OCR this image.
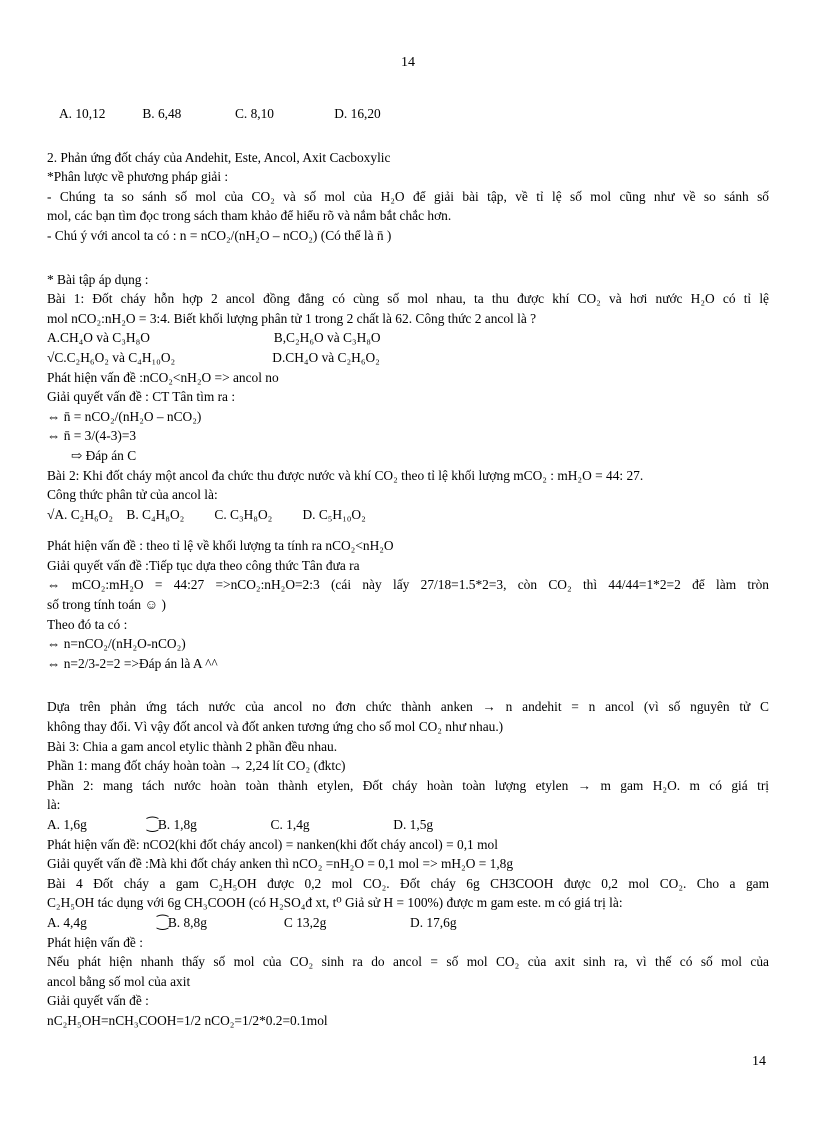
14
A. 10,12           B. 6,48                C. 8,10                  D. 16,20
2. Phản ứng đốt cháy của Andehit, Este, Ancol, Axit Cacboxylic
*Phân lược về phương pháp giải :
- Chúng ta so sánh số mol của CO₂ và số mol của H₂O để giải bài tập, về tỉ lệ số mol cũng như về so sánh số
mol, các bạn tìm đọc trong sách tham khảo để hiểu rõ và nắm bắt chắc hơn.
- Chú ý với ancol ta có : n = nCO₂/(nH₂O – nCO₂) (Có thể là n̄ )
* Bài tập áp dụng :
Bài 1: Đốt cháy hỗn hợp 2 ancol đồng đẳng có cùng số mol nhau, ta thu được khí CO₂ và hơi nước H₂O có tỉ lệ
mol nCO₂:nH₂O = 3:4. Biết khối lượng phân tử 1 trong 2 chất là 62. Công thức 2 ancol là ?
A.CH₄O và C₃H₈O                                     B,C₂H₆O và C₃H₈O
√C.C₂H₆O₂ và C₄H₁₀O₂                             D.CH₄O và C₂H₆O₂
Phát hiện vấn đề :nCO₂<nH₂O => ancol no
Giải quyết vấn đề : CT Tân tìm ra :
⇔ n̄ = nCO₂/(nH₂O – nCO₂)
⇔ n̄ = 3/(4-3)=3
⇨ Đáp án C
Bài 2: Khi đốt cháy một ancol đa chức thu được nước và khí CO₂ theo tỉ lệ khối lượng mCO₂ : mH₂O = 44: 27.
Công thức phân tử của ancol là:
√A. C₂H₆O₂    B. C₄H₈O₂         C. C₃H₈O₂         D. C₅H₁₀O₂
Phát hiện vấn đề : theo tỉ lệ về khối lượng ta tính ra nCO₂<nH₂O
Giải quyết vấn đề :Tiếp tục dựa theo công thức Tân đưa ra
⇔ mCO₂:mH₂O = 44:27 =>nCO₂:nH₂O=2:3 (cái này lấy 27/18=1.5*2=3, còn CO₂ thì 44/44=1*2=2 để làm tròn
số trong tính toán ☺ )
Theo đó ta có :
⇔ n=nCO₂/(nH₂O-nCO₂)
⇔ n=2/3-2=2 =>Đáp án là A ^^
Dựa trên phản ứng tách nước của ancol no đơn chức thành anken → n andehit = n ancol (vì số nguyên tử C
không thay đổi. Vì vậy đốt ancol và đốt anken tương ứng cho số mol CO₂ như nhau.)
Bài 3: Chia a gam ancol etylic thành 2 phần đều nhau.
Phần 1: mang đốt cháy hoàn toàn → 2,24 lít CO₂ (đktc)
Phần 2: mang tách nước hoàn toàn thành etylen, Đốt cháy hoàn toàn lượng etylen → m gam H₂O. m có giá trị
là:
A. 1,6g                  ⁐B. 1,8g                      C. 1,4g                         D. 1,5g
Phát hiện vấn đề: nCO2(khi đốt cháy ancol) = nanken(khi đốt cháy ancol) = 0,1 mol
Giải quyết vấn đề :Mà khi đốt cháy anken thì nCO₂ =nH₂O = 0,1 mol => mH₂O = 1,8g
Bài 4 Đốt cháy a gam C₂H₅OH được 0,2 mol CO₂. Đốt cháy 6g CH3COOH được 0,2 mol CO₂. Cho a gam
C₂H₅OH tác dụng với 6g CH₃COOH (có H₂SO₄đ xt, t⁰ Giả sử H = 100%) được m gam este. m có giá trị là:
A. 4,4g                     ⁐B. 8,8g                       C 13,2g                         D. 17,6g
Phát hiện vấn đề :
Nếu phát hiện nhanh thấy số mol của CO₂ sinh ra do ancol = số mol CO₂ của axit sinh ra, vì thế có số mol của
ancol bằng số mol của axit
Giải quyết vấn đề :
nC₂H₅OH=nCH₃COOH=1/2 nCO₂=1/2*0.2=0.1mol
14
